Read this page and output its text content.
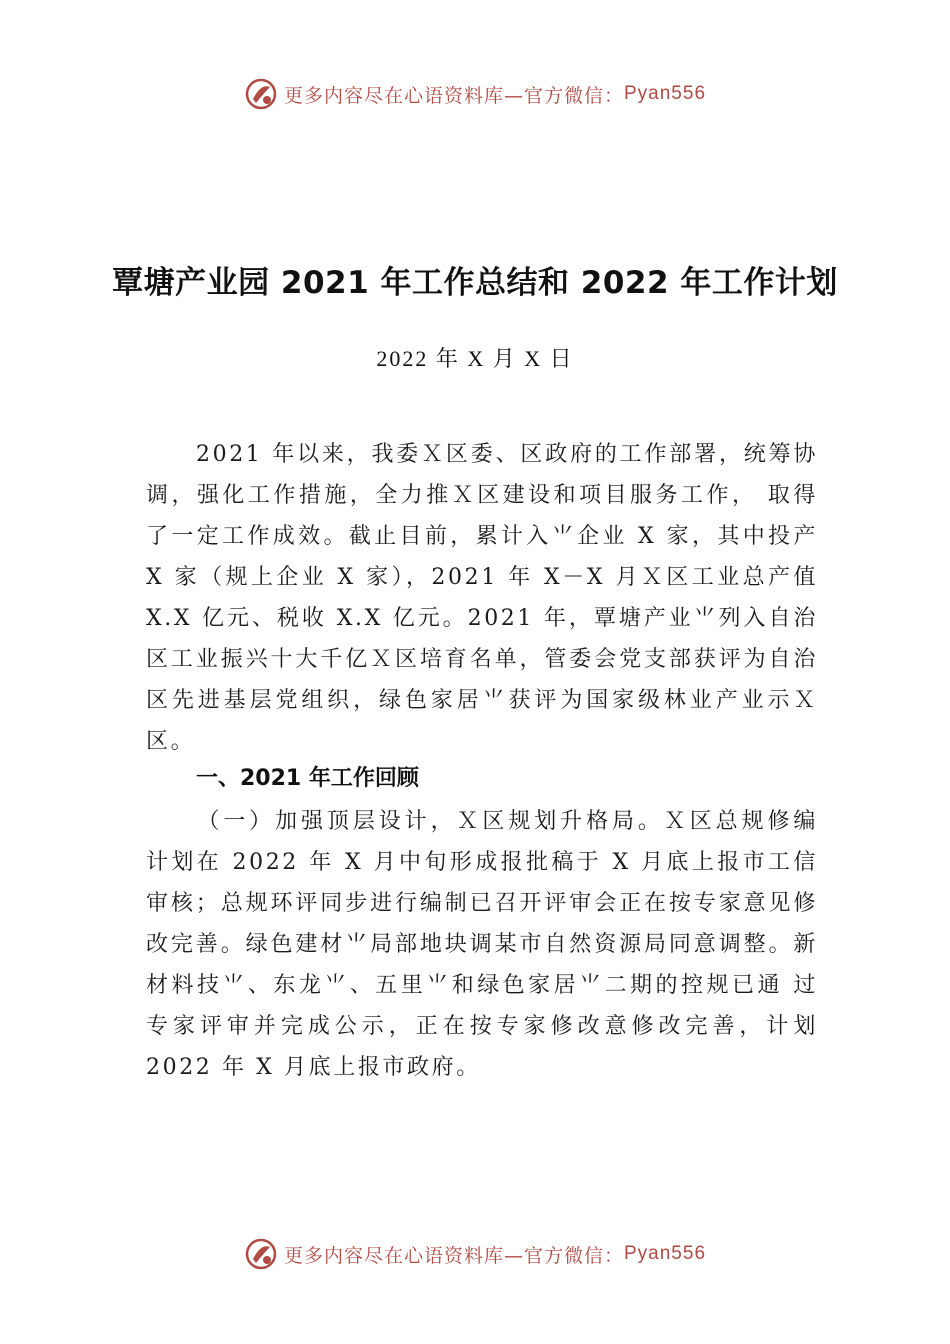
更多内容尽在心语资料库—官方微信： Pyan556
覃塘产业园 2021 年工作总结和 2022 年工作计划
2022 年 X 月 X 日

2021 年以来，我委Ｘ区委、区政府的工作部署，统筹协调，强化工作措施，全力推Ｘ区建设和项目服务工作， 取得了一定工作成效。截止目前，累计入⺌企业 X 家，其中投产 X 家（规上企业 X 家），2021 年 X－X 月Ｘ区工业总产值 X.X 亿元、税收 X.X 亿元。2021 年，覃塘产业⺌列入自治区工业振兴十大千亿Ｘ区培育名单，管委会党支部获评为自治区先进基层党组织，绿色家居⺌获评为国家级林业产业示Ｘ区。

一、2021 年工作回顾

（一）加强顶层设计，Ｘ区规划升格局。Ｘ区总规修编 计划在 2022 年 X 月中旬形成报批稿于 X 月底上报市工信审核；总规环评同步进行编制已召开评审会正在按专家意见修 改完善。绿色建材⺌局部地块调某市自然资源局同意调整。新材料技⺌、东龙⺌、五里⺌和绿色家居⺌二期的控规已通 过专家评审并完成公示，正在按专家修改意修改完善，计划2022 年 X 月底上报市政府。

更多内容尽在心语资料库—官方微信： Pyan556
